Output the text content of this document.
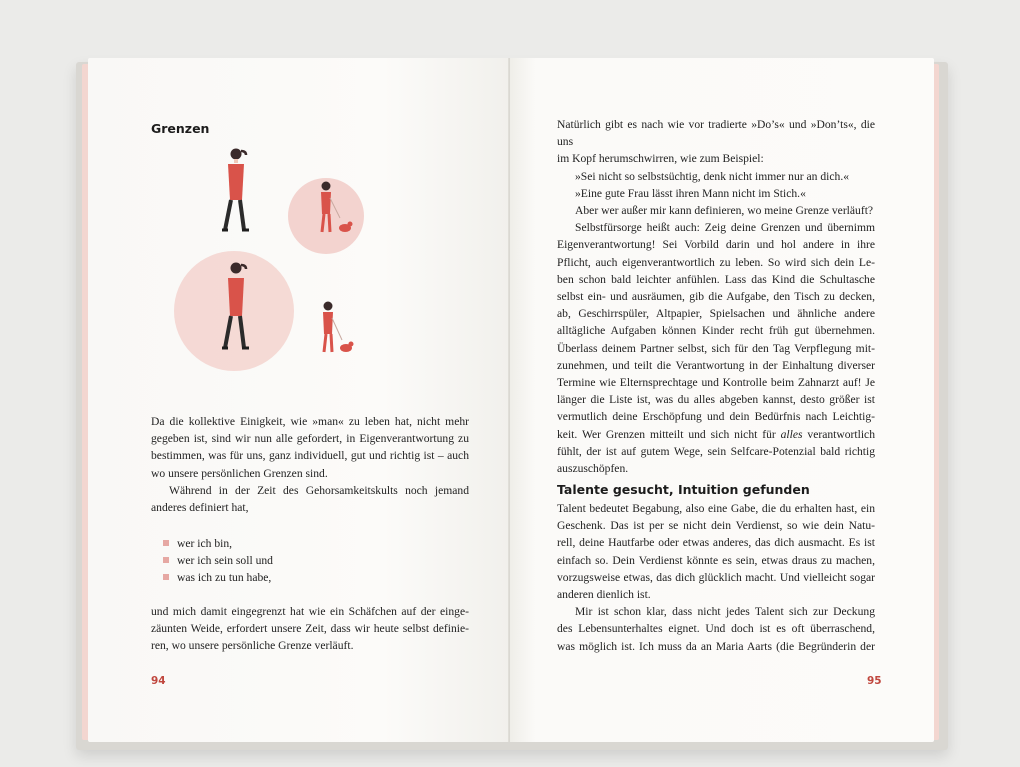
Grenzen

Da die kollektive Einigkeit, wie »man« zu leben hat, nicht mehr gegeben ist, sind wir nun alle gefordert, in Eigenverantwortung zu bestimmen, was für uns, ganz individuell, gut und richtig ist – auch wo unsere persönlichen Grenzen sind.

Während in der Zeit des Gehorsamkeitskults noch jemand anderes definiert hat,

wer ich bin,
wer ich sein soll und
was ich zu tun habe,

und mich damit eingegrenzt hat wie ein Schäfchen auf der einge-

zäunten Weide, erfordert unsere Zeit, dass wir heute selbst definie-

ren, wo unsere persönliche Grenze verläuft.

94

Natürlich gibt es nach wie vor tradierte »Do’s« und »Don’ts«, die uns

im Kopf herumschwirren, wie zum Beispiel:

»Sei nicht so selbstsüchtig, denk nicht immer nur an dich.«

»Eine gute Frau lässt ihren Mann nicht im Stich.«

Aber wer außer mir kann definieren, wo meine Grenze verläuft?

Selbstfürsorge heißt auch: Zeig deine Grenzen und übernimm

Eigenverantwortung! Sei Vorbild darin und hol andere in ihre

Pflicht, auch eigenverantwortlich zu leben. So wird sich dein Le-

ben schon bald leichter anfühlen. Lass das Kind die Schultasche

selbst ein- und ausräumen, gib die Aufgabe, den Tisch zu decken,

ab, Geschirrspüler, Altpapier, Spielsachen und ähnliche andere

alltägliche Aufgaben können Kinder recht früh gut übernehmen.

Überlass deinem Partner selbst, sich für den Tag Verpflegung mit-

zunehmen, und teilt die Verantwortung in der Einhaltung diverser

Termine wie Elternsprechtage und Kontrolle beim Zahnarzt auf! Je

länger die Liste ist, was du alles abgeben kannst, desto größer ist

vermutlich deine Erschöpfung und dein Bedürfnis nach Leichtig-

keit. Wer Grenzen mitteilt und sich nicht für alles verantwortlich

fühlt, der ist auf gutem Wege, sein Selfcare-Potenzial bald richtig

auszuschöpfen.

Talente gesucht, Intuition gefunden

Talent bedeutet Begabung, also eine Gabe, die du erhalten hast, ein

Geschenk. Das ist per se nicht dein Verdienst, so wie dein Natu-

rell, deine Hautfarbe oder etwas anderes, das dich ausmacht. Es ist

einfach so. Dein Verdienst könnte es sein, etwas draus zu machen,

vorzugsweise etwas, das dich glücklich macht. Und vielleicht sogar

anderen dienlich ist.

Mir ist schon klar, dass nicht jedes Talent sich zur Deckung

des Lebensunterhaltes eignet. Und doch ist es oft überraschend,

was möglich ist. Ich muss da an Maria Aarts (die Begründerin der

95
